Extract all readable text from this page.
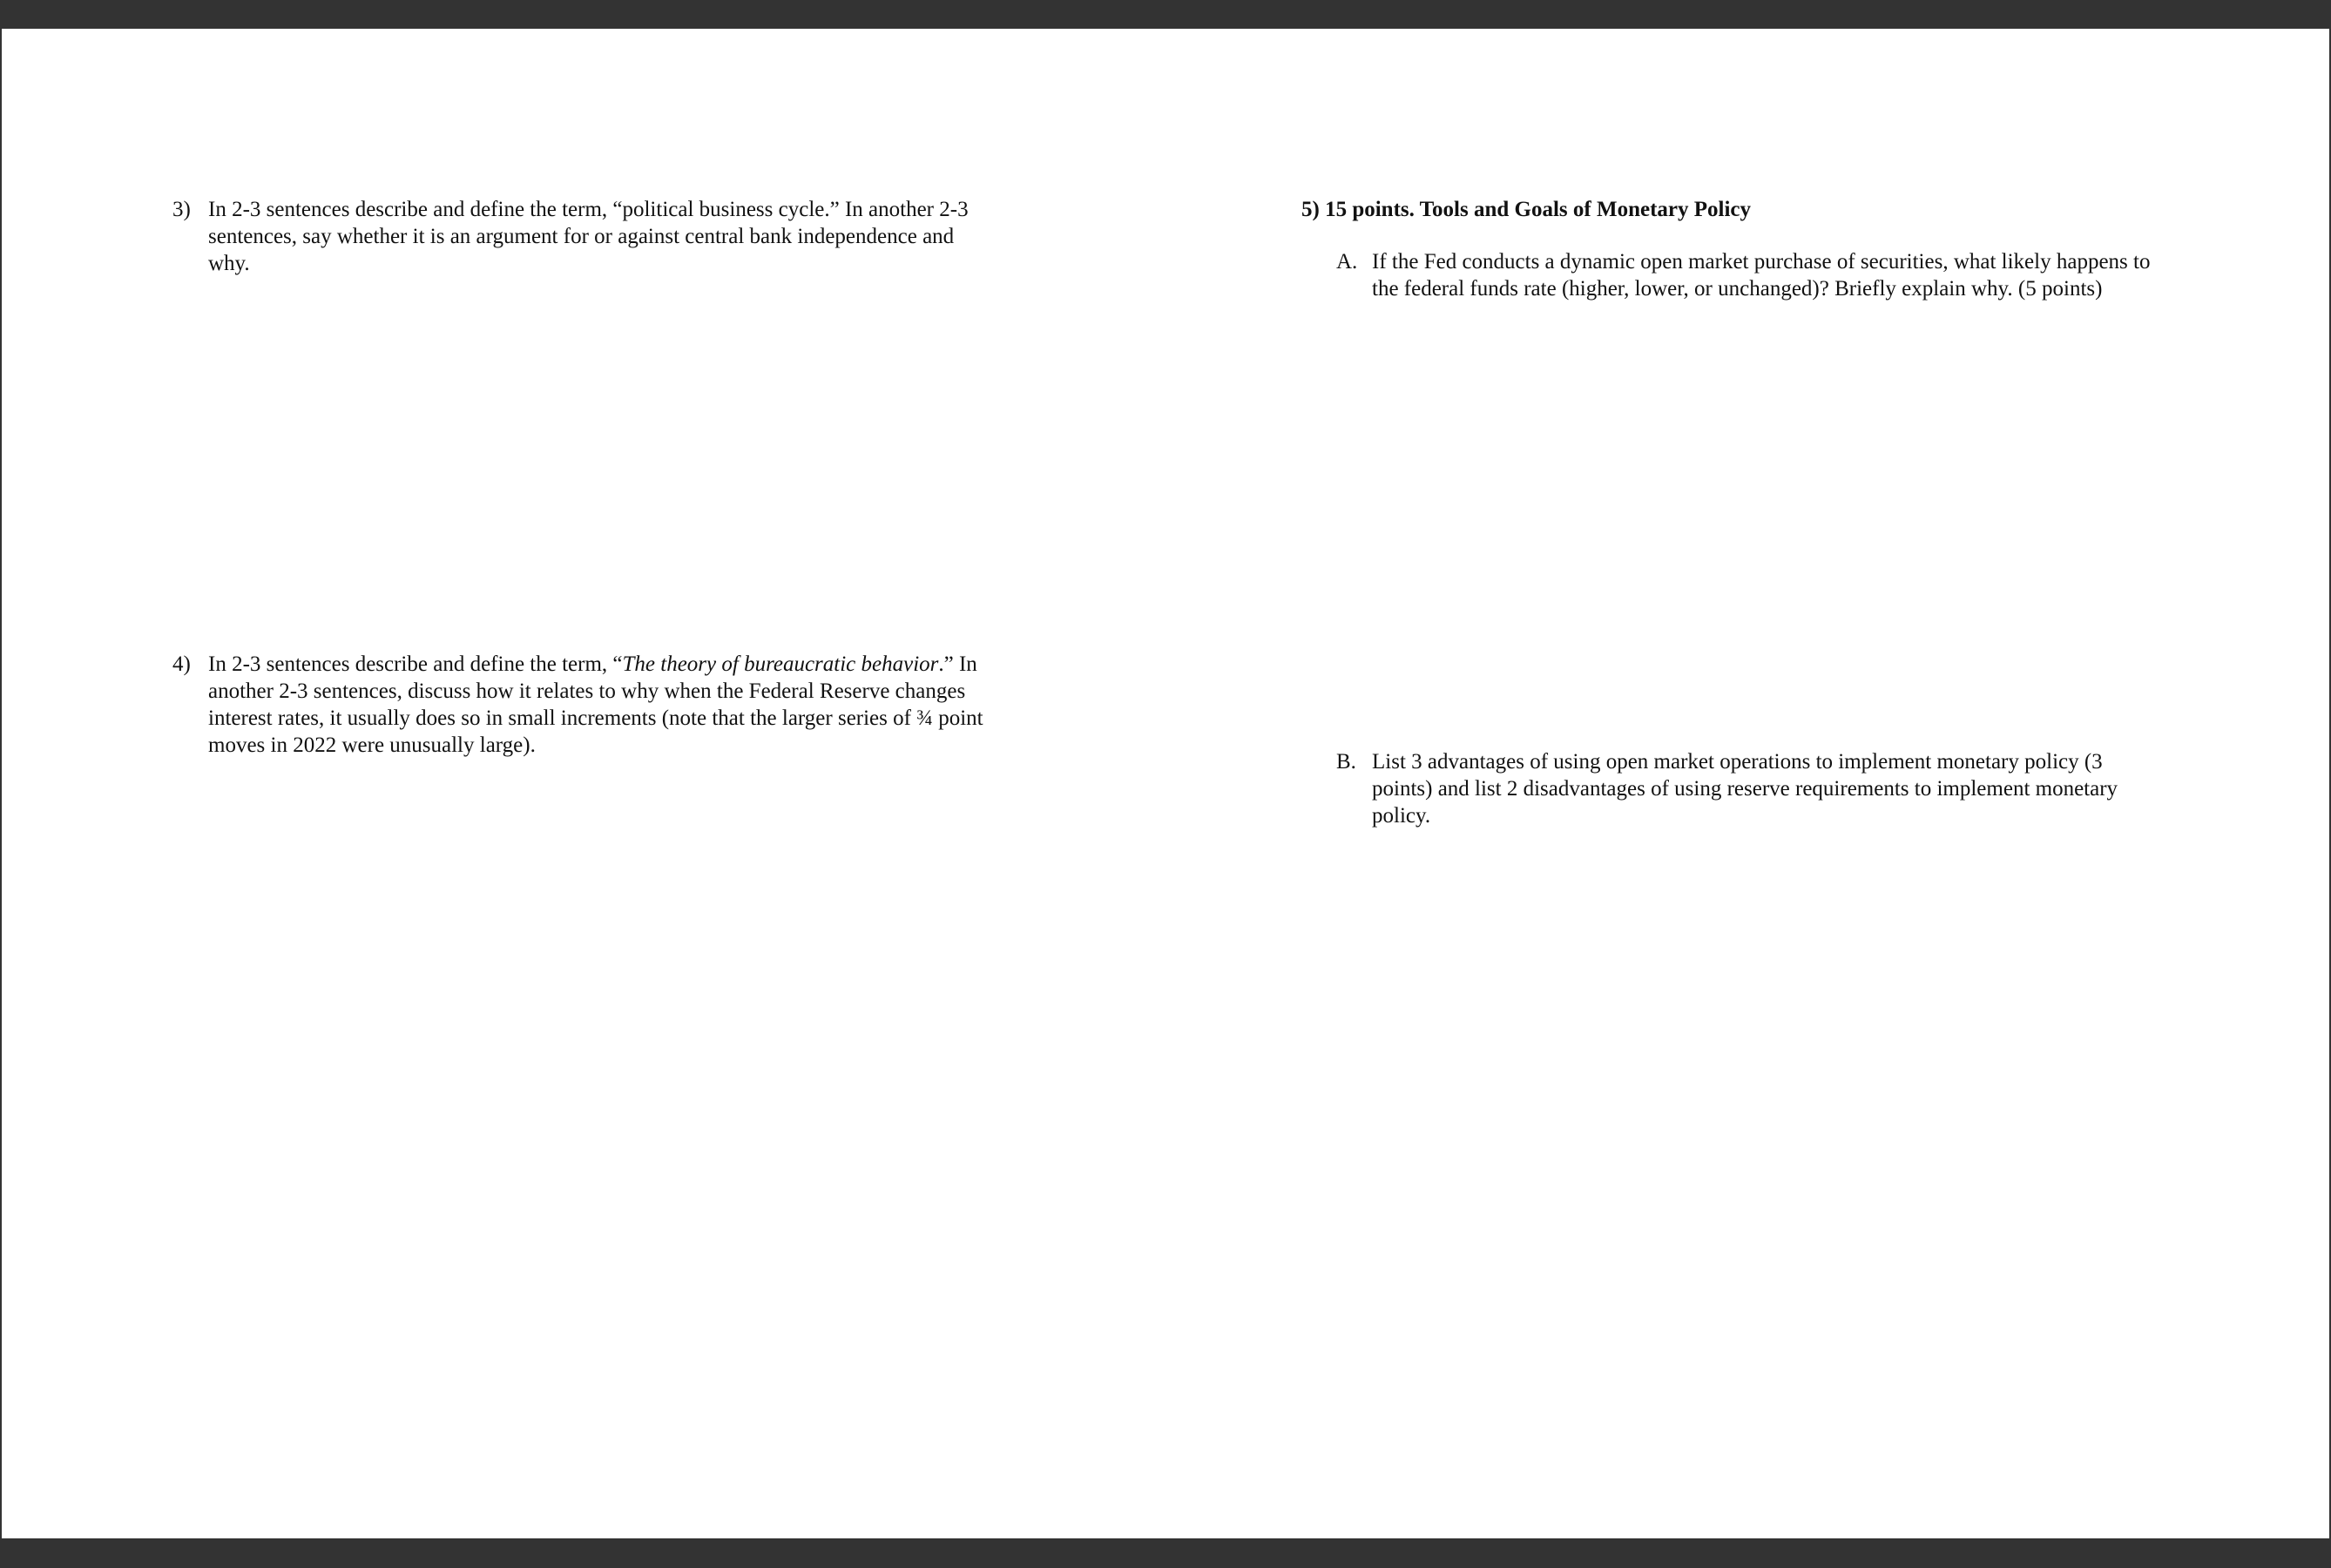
3) In 2-3 sentences describe and define the term, “political business cycle.” In another 2-3
sentences, say whether it is an argument for or against central bank independence and
why.
4) In 2-3 sentences describe and define the term, “The theory of bureaucratic behavior.” In
another 2-3 sentences, discuss how it relates to why when the Federal Reserve changes
interest rates, it usually does so in small increments (note that the larger series of ¾ point
moves in 2022 were unusually large).
5) 15 points. Tools and Goals of Monetary Policy
A. If the Fed conducts a dynamic open market purchase of securities, what likely happens to
the federal funds rate (higher, lower, or unchanged)? Briefly explain why. (5 points)
B. List 3 advantages of using open market operations to implement monetary policy (3
points) and list 2 disadvantages of using reserve requirements to implement monetary
policy.
